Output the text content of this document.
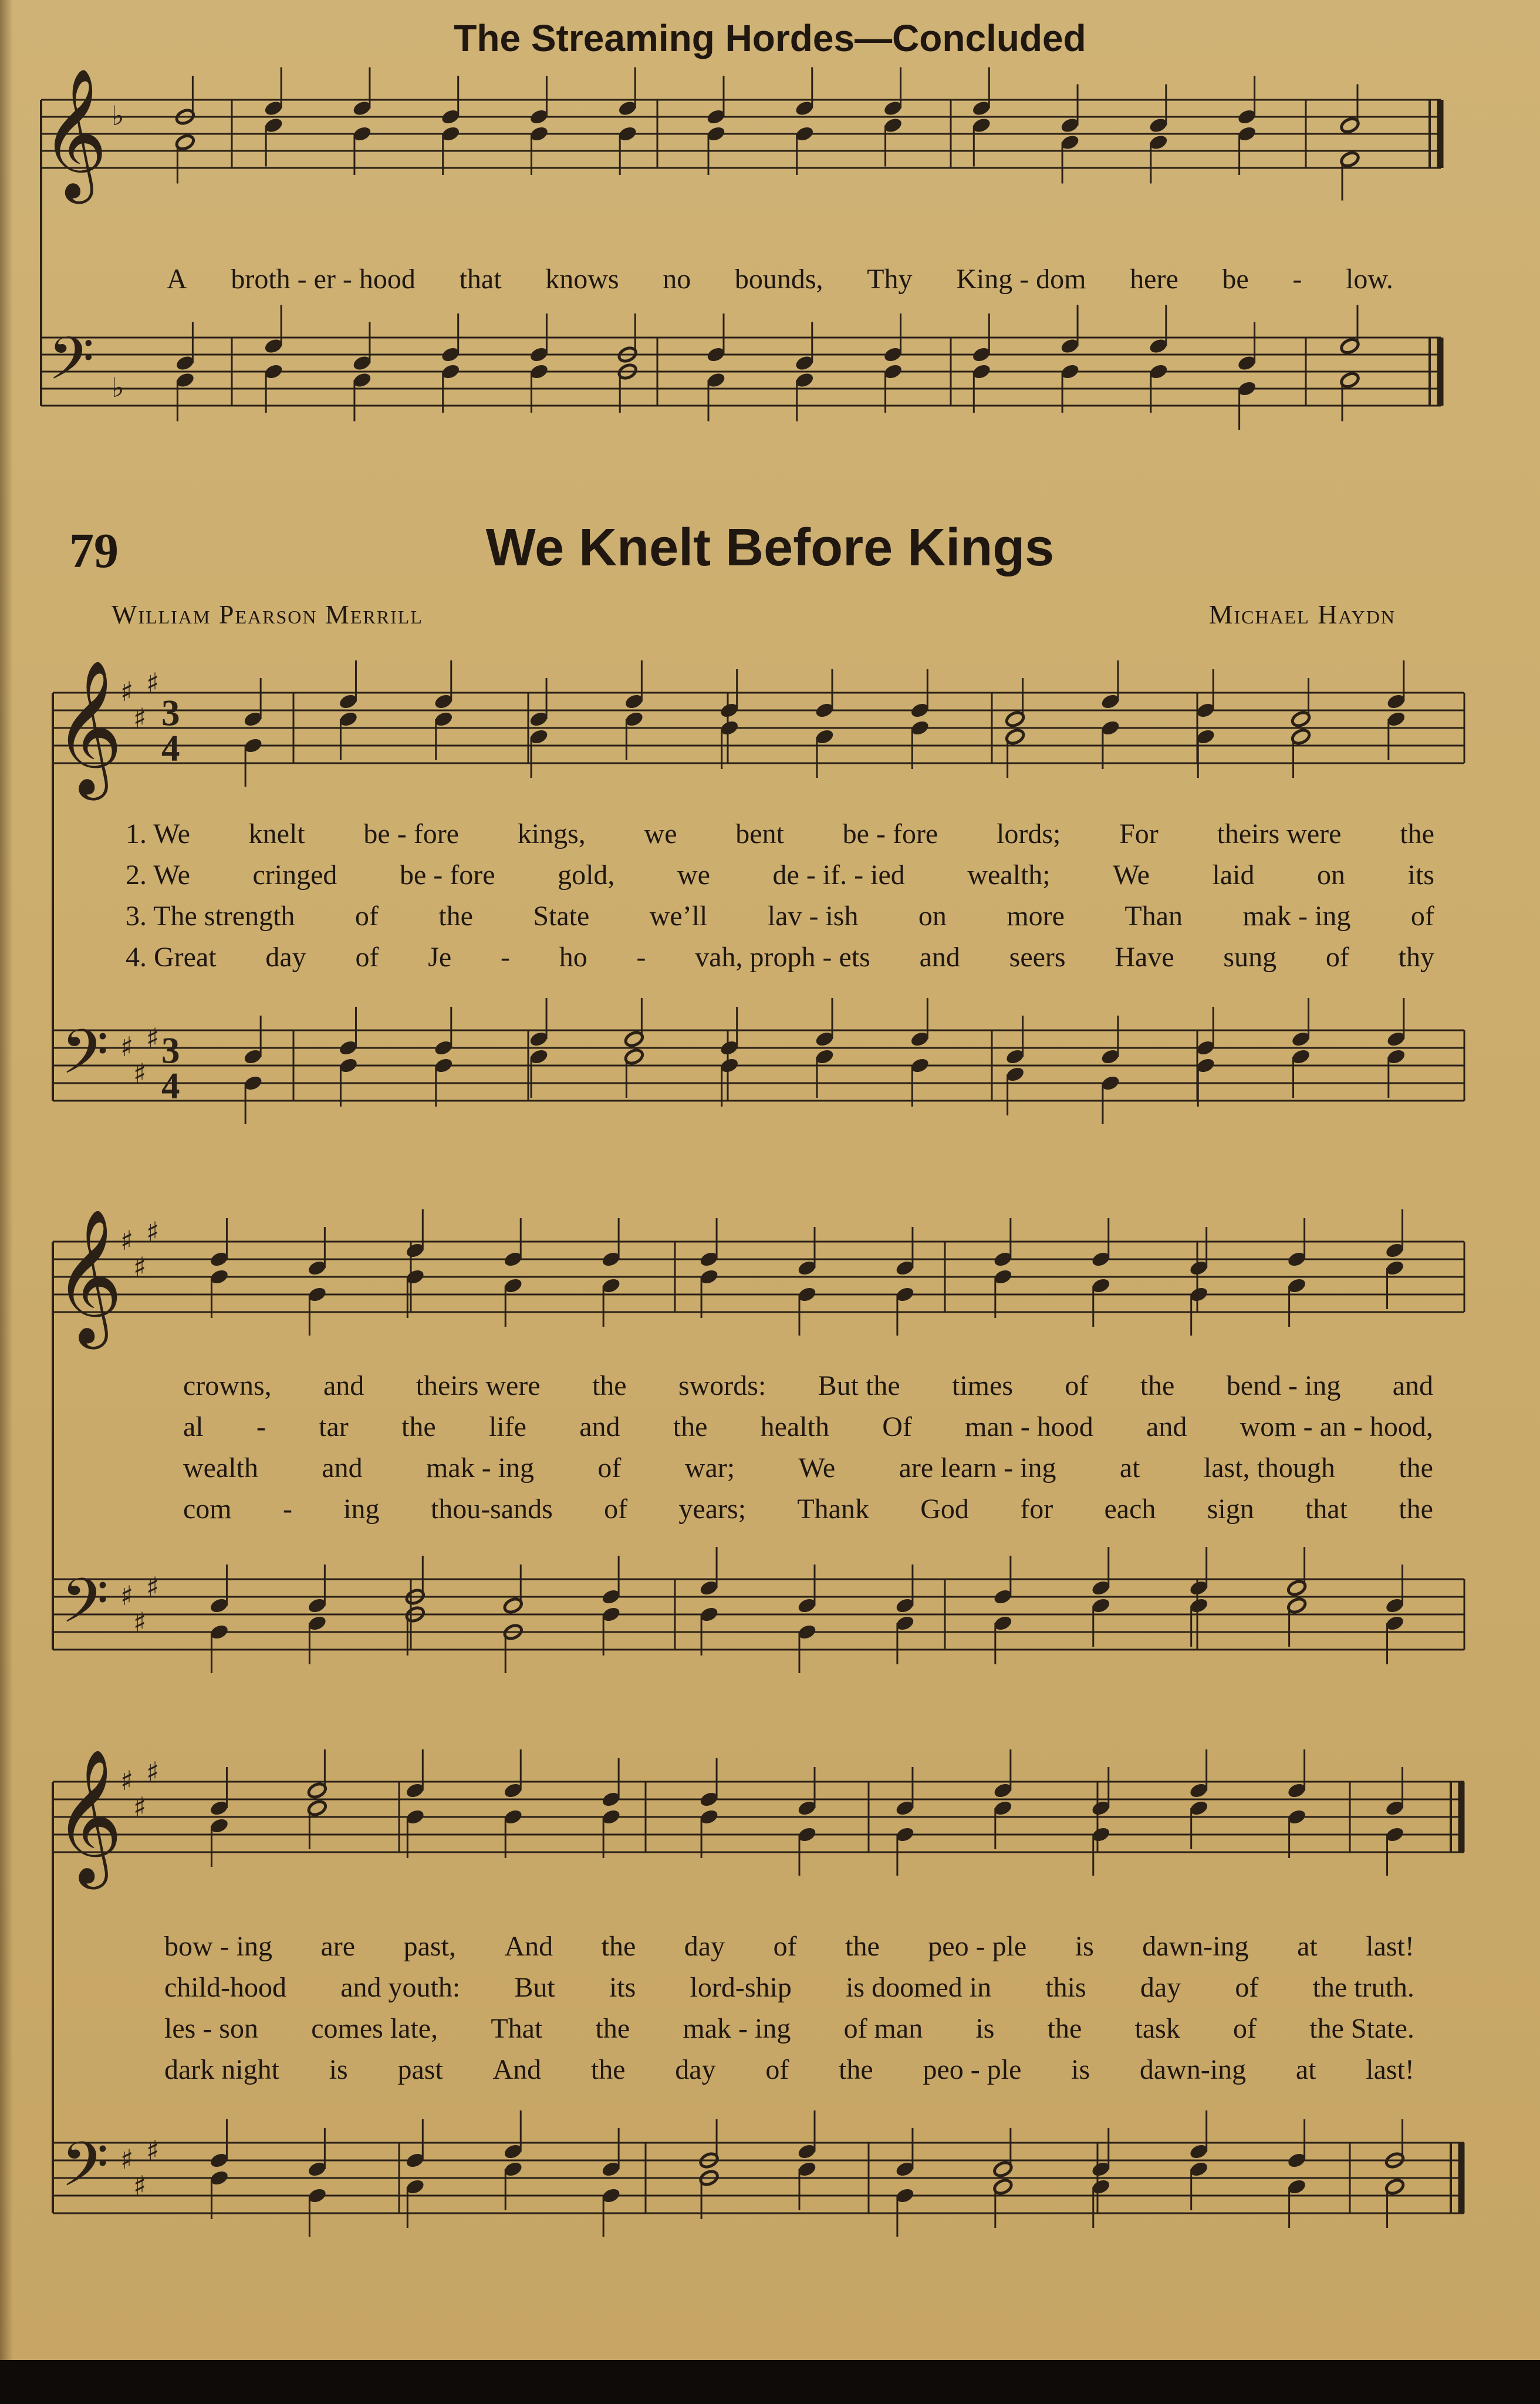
𝄞
𝄢
♭
♭
𝄞
𝄢
♯
♯
♯
♯
♯
♯
3
4
3
4
𝄞
𝄢
♯
♯
♯
♯
♯
♯
𝄞
𝄢
♯
♯
♯
♯
♯
♯
The Streaming Hordes—Concluded
A broth - er - hood that knows no bounds, Thy King - dom here be - low.
79	We Knelt Before Kings
William Pearson Merrill	Michael Haydn
1. We knelt be - fore kings, we bent be - fore lords; For theirs were the
2. We cringed be - fore gold, we de - if. - ied wealth; We laid on its
3. The strength of the State we’ll lav - ish on more Than mak - ing of
4. Great day of Je - ho - vah, proph - ets and seers Have sung of thy
crowns, and theirs were the swords: But the times of the bend - ing and
al - tar the life and the health Of man - hood and wom - an - hood,
wealth and mak - ing of war; We are learn - ing at last, though the
com - ing thou-sands of years; Thank God for each sign that the
bow - ing are past, And the day of the peo - ple is dawn-ing at last!
child-hood and youth: But its lord-ship is doomed in this day of the truth.
les - son comes late, That the mak - ing of man is the task of the State.
dark night is past And the day of the peo - ple is dawn-ing at last!
